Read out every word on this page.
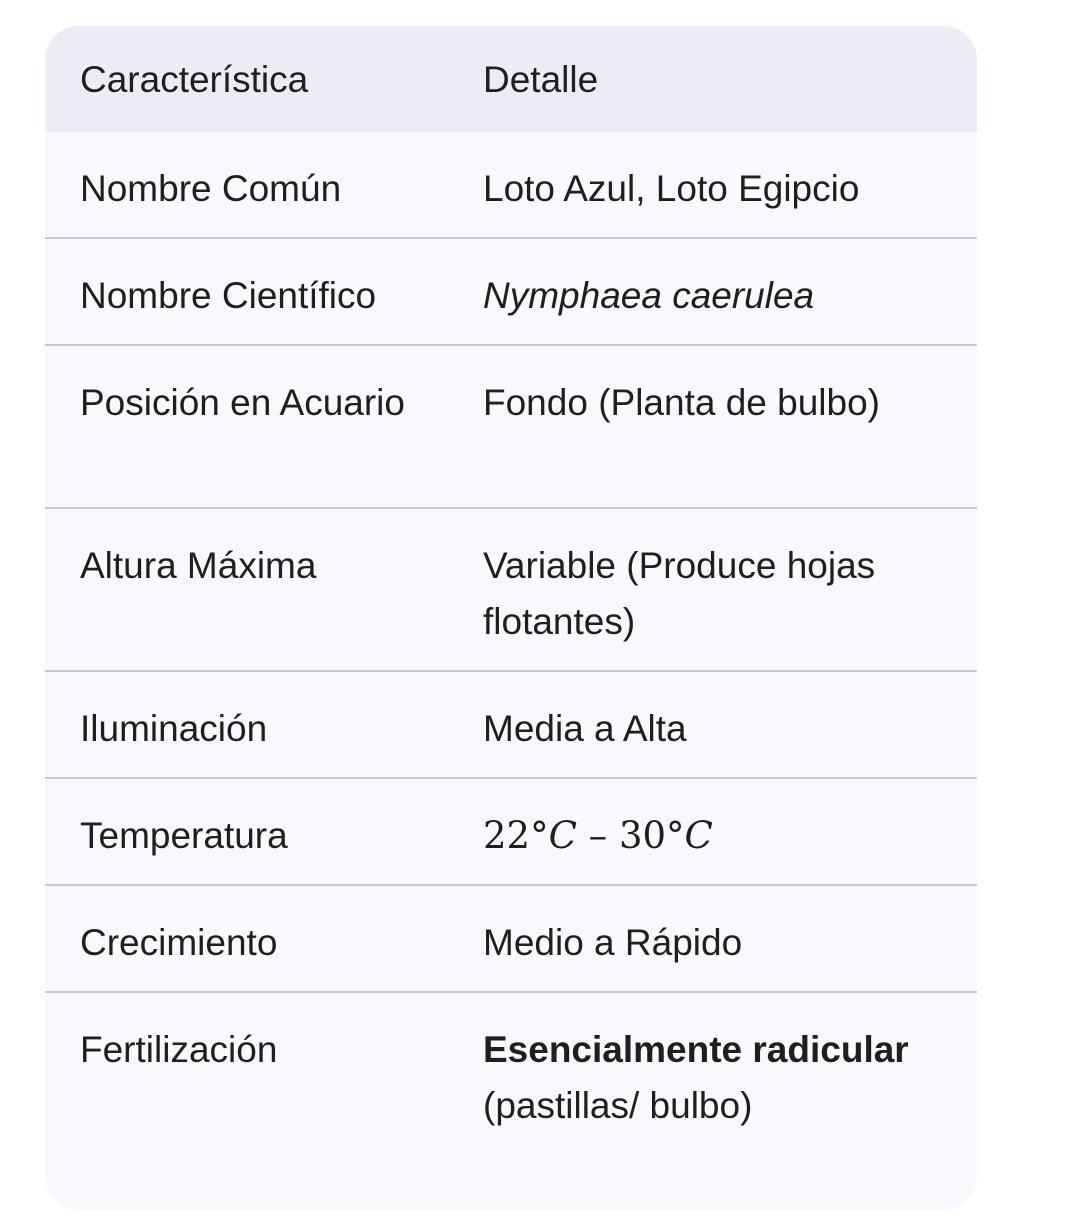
Característica	Detalle
Nombre Común	Loto Azul, Loto Egipcio
Nombre Científico	Nymphaea caerulea
Posición en Acuario	Fondo (Planta de bulbo)
Altura Máxima	Variable (Produce hojas flotantes)
Iluminación	Media a Alta
Temperatura	22°C – 30°C
Crecimiento	Medio a Rápido
Fertilización	Esencialmente radicular (pastillas/ bulbo)
